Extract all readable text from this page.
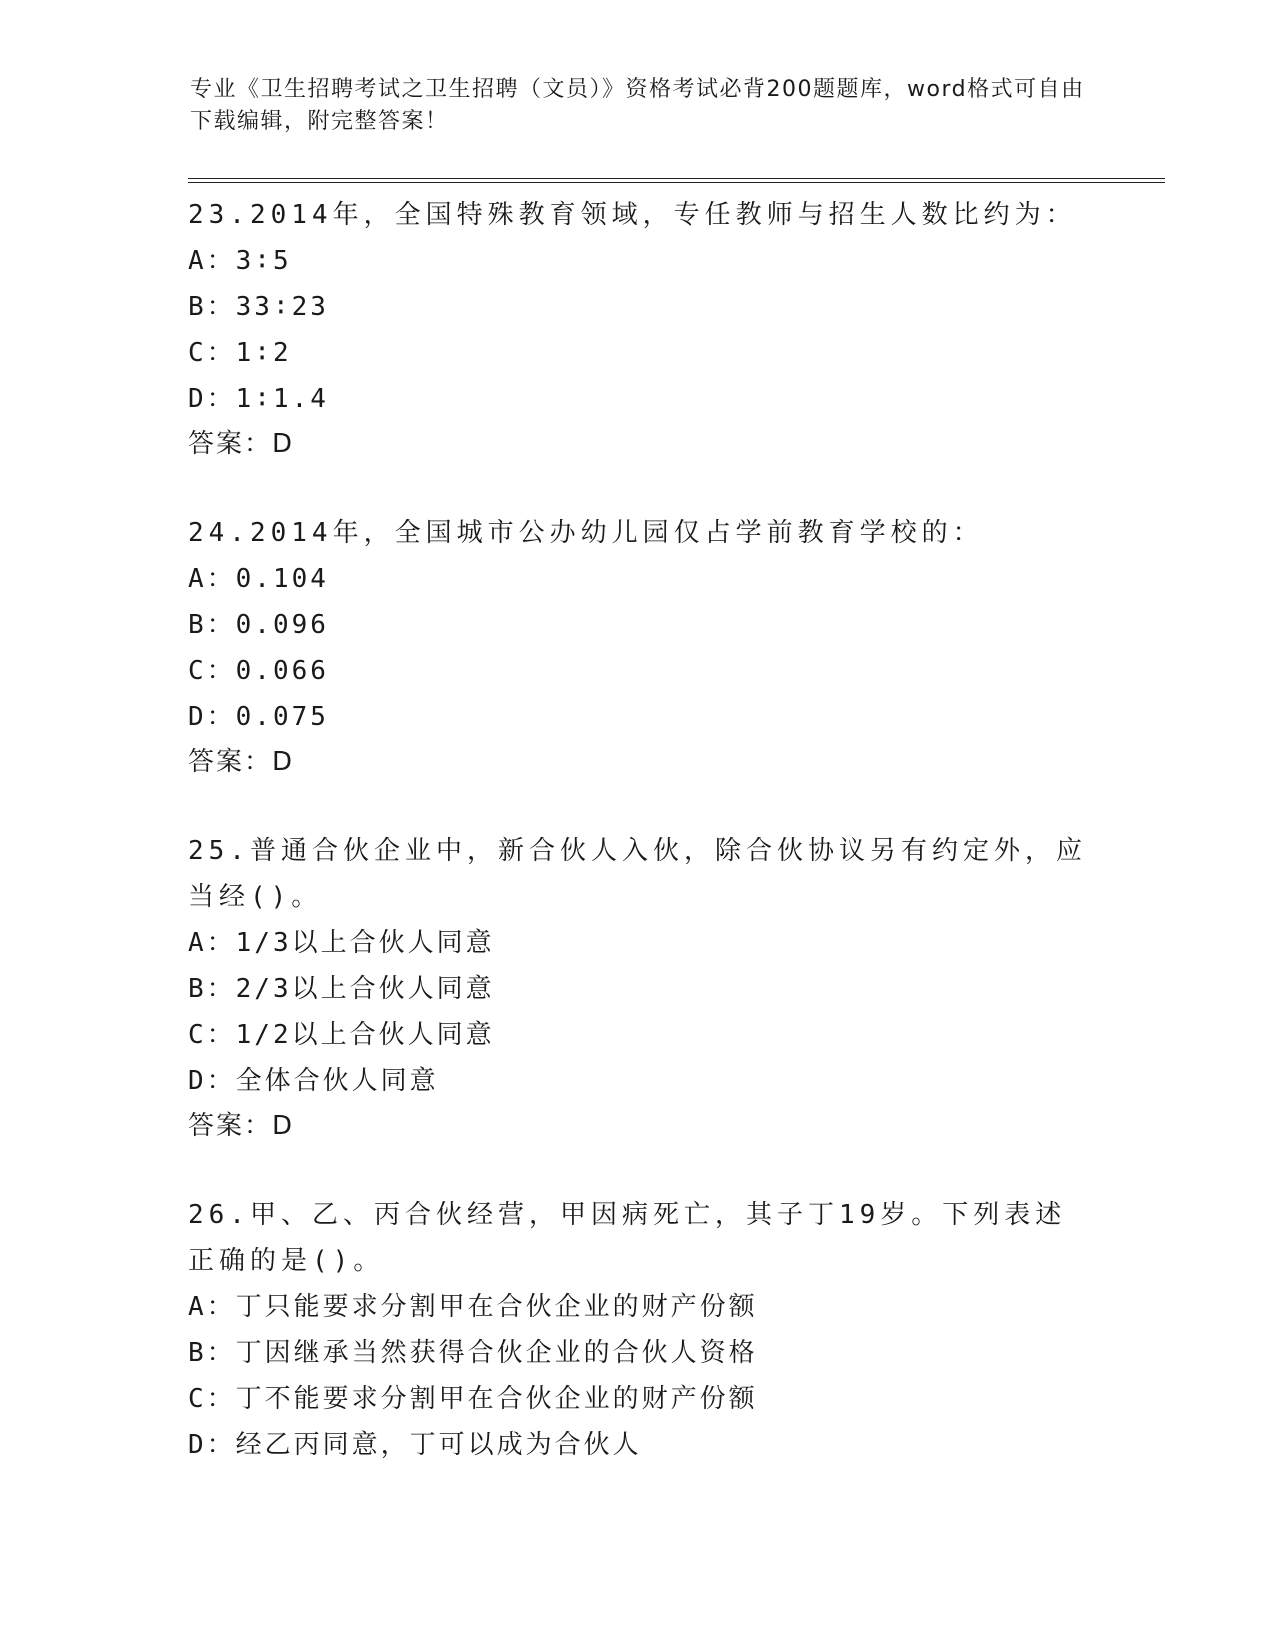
专业《卫生招聘考试之卫生招聘（文员）》资格考试必背200题题库，word格式可自由下载编辑，附完整答案！
23.2014年，全国特殊教育领域，专任教师与招生人数比约为：
A：3∶5
B：33∶23
C：1∶2
D：1∶1.4
答案：D
24.2014年，全国城市公办幼儿园仅占学前教育学校的：
A：0.104
B：0.096
C：0.066
D：0.075
答案：D
25.普通合伙企业中，新合伙人入伙，除合伙协议另有约定外，应当经()。
A：1/3以上合伙人同意
B：2/3以上合伙人同意
C：1/2以上合伙人同意
D：全体合伙人同意
答案：D
26.甲、乙、丙合伙经营，甲因病死亡，其子丁19岁。下列表述正确的是()。
A：丁只能要求分割甲在合伙企业的财产份额
B：丁因继承当然获得合伙企业的合伙人资格
C：丁不能要求分割甲在合伙企业的财产份额
D：经乙丙同意，丁可以成为合伙人
